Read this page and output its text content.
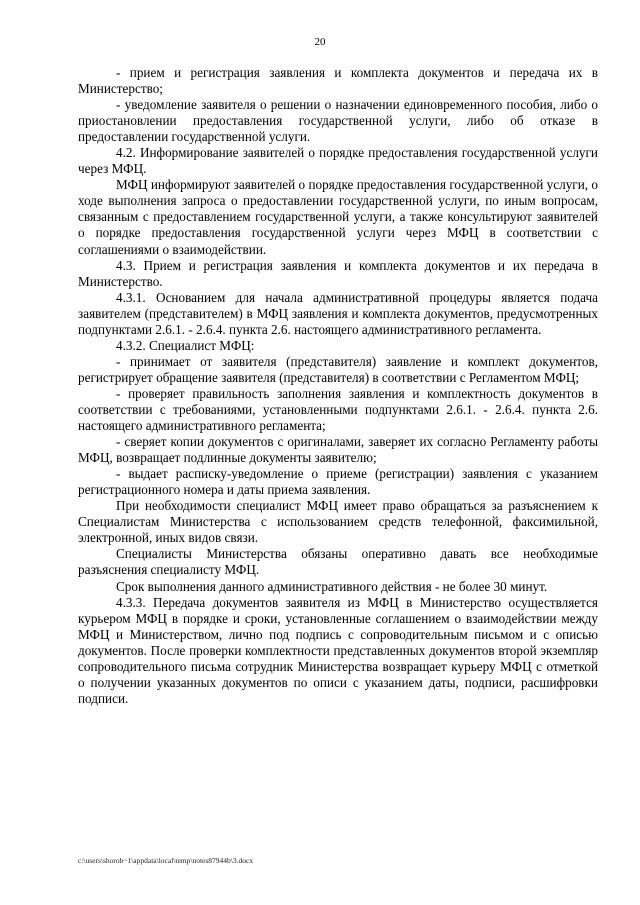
20

- прием и регистрация заявления и комплекта документов и передача их в Министерство;

- уведомление заявителя о решении о назначении единовременного пособия, либо о приостановлении предоставления государственной услуги, либо об отказе в предоставлении государственной услуги.

4.2. Информирование заявителей о порядке предоставления государственной услуги через МФЦ.

МФЦ информируют заявителей о порядке предоставления государственной услуги, о ходе выполнения запроса о предоставлении государственной услуги, по иным вопросам, связанным с предоставлением государственной услуги, а также консультируют заявителей о порядке предоставления государственной услуги через МФЦ в соответствии с соглашениями о взаимодействии.

4.3. Прием и регистрация заявления и комплекта документов и их передача в Министерство.

4.3.1. Основанием для начала административной процедуры является подача заявителем (представителем) в МФЦ заявления и комплекта документов, предусмотренных подпунктами 2.6.1. - 2.6.4. пункта 2.6. настоящего административного регламента.

4.3.2. Специалист МФЦ:

- принимает от заявителя (представителя) заявление и комплект документов, регистрирует обращение заявителя (представителя) в соответствии с Регламентом МФЦ;

- проверяет правильность заполнения заявления и комплектность документов в соответствии с требованиями, установленными подпунктами 2.6.1. - 2.6.4. пункта 2.6. настоящего административного регламента;

- сверяет копии документов с оригиналами, заверяет их согласно Регламенту работы МФЦ, возвращает подлинные документы заявителю;

- выдает расписку-уведомление о приеме (регистрации) заявления с указанием регистрационного номера и даты приема заявления.

При необходимости специалист МФЦ имеет право обращаться за разъяснением к Специалистам Министерства с использованием средств телефонной, факсимильной, электронной, иных видов связи.

Специалисты Министерства обязаны оперативно давать все необходимые разъяснения специалисту МФЦ.

Срок выполнения данного административного действия - не более 30 минут.

4.3.3. Передача документов заявителя из МФЦ в Министерство осуществляется курьером МФЦ в порядке и сроки, установленные соглашением о взаимодействии между МФЦ и Министерством, лично под подпись с сопроводительным письмом и с описью документов. После проверки комплектности представленных документов второй экземпляр сопроводительного письма сотрудник Министерства возвращает курьеру МФЦ с отметкой о получении указанных документов по описи с указанием даты, подписи, расшифровки подписи.

c:\users\shorob~1\appdata\local\temp\notes87944b\3.docx
